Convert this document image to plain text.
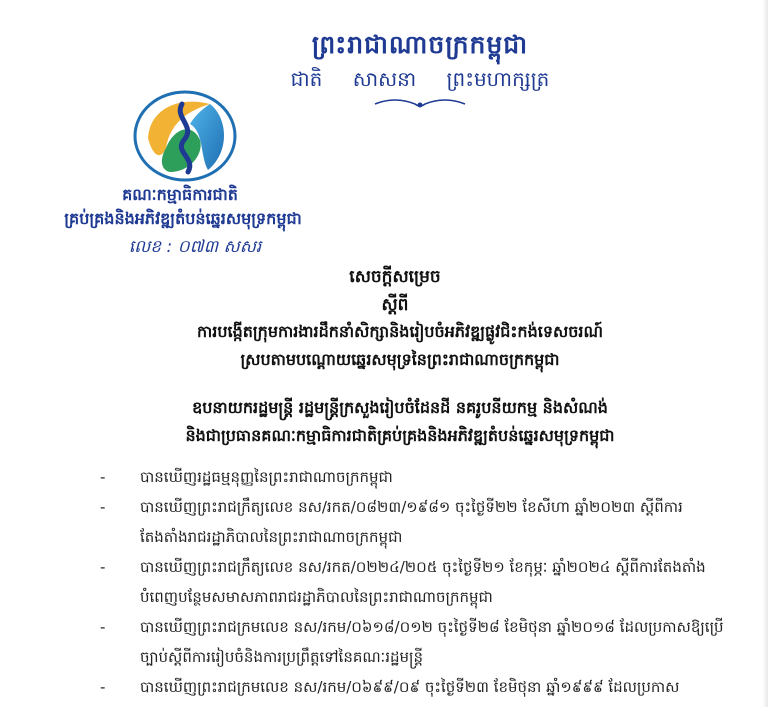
ព្រះរាជាណាចក្រកម្ពុជា
ជាតិ សាសនា ព្រះមហាក្សត្រ
គណៈកម្មាធិការជាតិ
គ្រប់គ្រងនិងអភិវឌ្ឍតំបន់ឆ្នេរសមុទ្រកម្ពុជា
លេខ : ០៧៣ សសរ
សេចក្ដីសម្រេច
ស្ដីពី
ការបង្កើតក្រុមការងារដឹកនាំសិក្សានិងរៀបចំអភិវឌ្ឍផ្លូវជិះកង់ទេសចរណ៍
ស្របតាមបណ្ដោយឆ្នេរសមុទ្រនៃព្រះរាជាណាចក្រកម្ពុជា
ឧបនាយករដ្ឋមន្ត្រី រដ្ឋមន្ត្រីក្រសួងរៀបចំដែនដី នគរូបនីយកម្ម និងសំណង់
និងជាប្រធានគណៈកម្មាធិការជាតិគ្រប់គ្រងនិងអភិវឌ្ឍតំបន់ឆ្នេរសមុទ្រកម្ពុជា
- បានឃើញរដ្ឋធម្មនុញ្ញនៃព្រះរាជាណាចក្រកម្ពុជា
- បានឃើញព្រះរាជក្រឹត្យលេខ នស/រកត/០៨២៣/១៩៨១ ចុះថ្ងៃទី២២ ខែសីហា ឆ្នាំ២០២៣ ស្ដីពីការតែងតាំងរាជរដ្ឋាភិបាលនៃព្រះរាជាណាចក្រកម្ពុជា
- បានឃើញព្រះរាជក្រឹត្យលេខ នស/រកត/០២២៤/២០៥ ចុះថ្ងៃទី២១ ខែកុម្ភៈ ឆ្នាំ២០២៤ ស្ដីពីការតែងតាំងបំពេញបន្ថែមសមាសភាពរាជរដ្ឋាភិបាលនៃព្រះរាជាណាចក្រកម្ពុជា
- បានឃើញព្រះរាជក្រមលេខ នស/រកម/០៦១៨/០១២ ចុះថ្ងៃទី២៨ ខែមិថុនា ឆ្នាំ២០១៨ ដែលប្រកាសឱ្យប្រើច្បាប់ស្ដីពីការរៀបចំនិងការប្រព្រឹត្តទៅនៃគណៈរដ្ឋមន្ត្រី
- បានឃើញព្រះរាជក្រមលេខ នស/រកម/០៦៩៩/០៩ ចុះថ្ងៃទី២៣ ខែមិថុនា ឆ្នាំ១៩៩៩ ដែលប្រកាស
